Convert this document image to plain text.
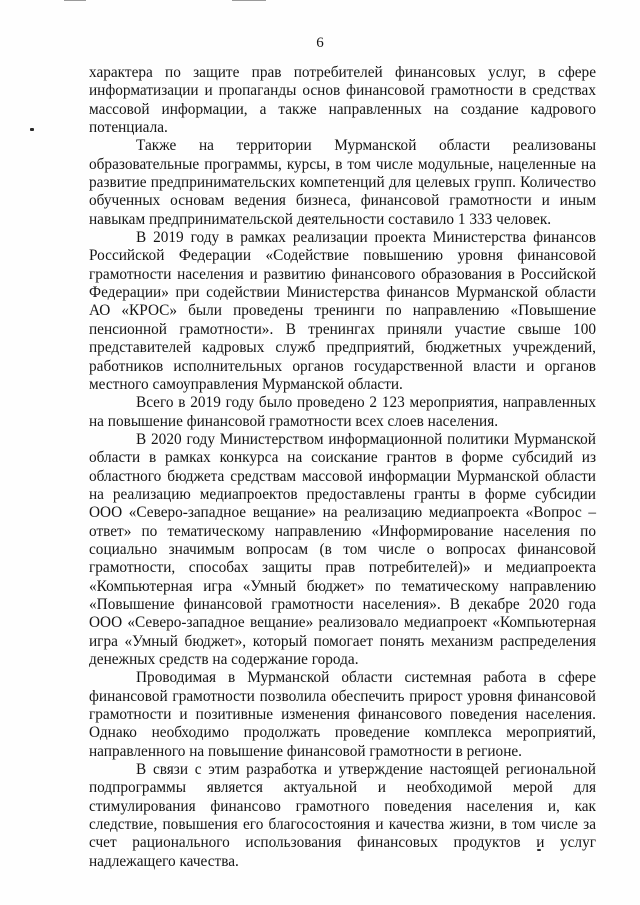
6

характера по защите прав потребителей финансовых услуг, в сфере информатизации и пропаганды основ финансовой грамотности в средствах массовой информации, а также направленных на создание кадрового потенциала.

Также на территории Мурманской области реализованы образовательные программы, курсы, в том числе модульные, нацеленные на развитие предпринимательских компетенций для целевых групп. Количество обученных основам ведения бизнеса, финансовой грамотности и иным навыкам предпринимательской деятельности составило 1 333 человек.

В 2019 году в рамках реализации проекта Министерства финансов Российской Федерации «Содействие повышению уровня финансовой грамотности населения и развитию финансового образования в Российской Федерации» при содействии Министерства финансов Мурманской области АО «КРОС» были проведены тренинги по направлению «Повышение пенсионной грамотности». В тренингах приняли участие свыше 100 представителей кадровых служб предприятий, бюджетных учреждений, работников исполнительных органов государственной власти и органов местного самоуправления Мурманской области.

Всего в 2019 году было проведено 2 123 мероприятия, направленных на повышение финансовой грамотности всех слоев населения.

В 2020 году Министерством информационной политики Мурманской области в рамках конкурса на соискание грантов в форме субсидий из областного бюджета средствам массовой информации Мурманской области на реализацию медиапроектов предоставлены гранты в форме субсидии ООО «Северо-западное вещание» на реализацию медиапроекта «Вопрос – ответ» по тематическому направлению «Информирование населения по социально значимым вопросам (в том числе о вопросах финансовой грамотности, способах защиты прав потребителей)» и медиапроекта «Компьютерная игра «Умный бюджет» по тематическому направлению «Повышение финансовой грамотности населения». В декабре 2020 года ООО «Северо-западное вещание» реализовало медиапроект «Компьютерная игра «Умный бюджет», который помогает понять механизм распределения денежных средств на содержание города.

Проводимая в Мурманской области системная работа в сфере финансовой грамотности позволила обеспечить прирост уровня финансовой грамотности и позитивные изменения финансового поведения населения. Однако необходимо продолжать проведение комплекса мероприятий, направленного на повышение финансовой грамотности в регионе.

В связи с этим разработка и утверждение настоящей региональной подпрограммы является актуальной и необходимой мерой для стимулирования финансово грамотного поведения населения и, как следствие, повышения его благосостояния и качества жизни, в том числе за счет рационального использования финансовых продуктов и услуг надлежащего качества.
